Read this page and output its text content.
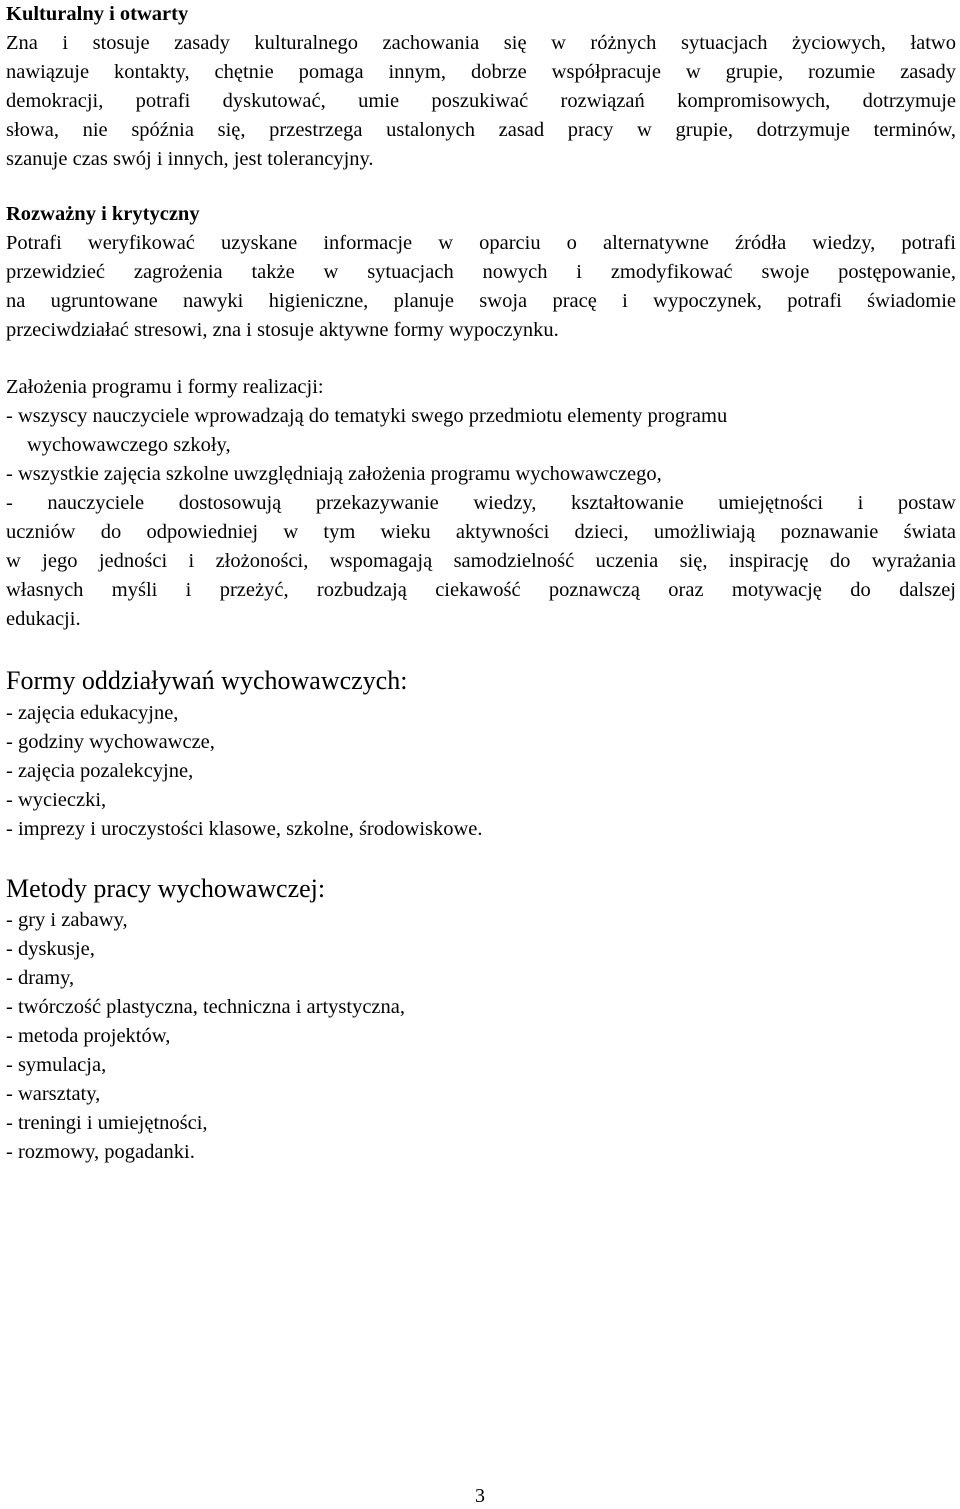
Kulturalny i otwarty
Zna i stosuje zasady kulturalnego zachowania się w różnych sytuacjach życiowych, łatwo
nawiązuje kontakty, chętnie pomaga innym, dobrze współpracuje w grupie, rozumie zasady
demokracji, potrafi dyskutować, umie poszukiwać rozwiązań kompromisowych, dotrzymuje
słowa, nie spóźnia się, przestrzega ustalonych zasad pracy w grupie, dotrzymuje terminów,
szanuje czas swój i innych, jest tolerancyjny.
Rozważny i krytyczny
Potrafi weryfikować uzyskane informacje w oparciu o alternatywne źródła wiedzy, potrafi
przewidzieć zagrożenia także w sytuacjach nowych i zmodyfikować swoje postępowanie,
na ugruntowane nawyki higieniczne, planuje swoja pracę i wypoczynek, potrafi świadomie
przeciwdziałać stresowi, zna i stosuje aktywne formy wypoczynku.
Założenia programu i formy realizacji:
- wszyscy nauczyciele wprowadzają do tematyki swego przedmiotu elementy programu
wychowawczego szkoły,
- wszystkie zajęcia szkolne uwzględniają założenia programu wychowawczego,
- nauczyciele dostosowują przekazywanie wiedzy, kształtowanie umiejętności i postaw
uczniów do odpowiedniej w tym wieku aktywności dzieci, umożliwiają poznawanie świata
w jego jedności i złożoności, wspomagają samodzielność uczenia się, inspirację do wyrażania
własnych myśli i przeżyć, rozbudzają ciekawość poznawczą oraz motywację do dalszej
edukacji.
Formy oddziaływań wychowawczych:
- zajęcia edukacyjne,
- godziny wychowawcze,
- zajęcia pozalekcyjne,
- wycieczki,
- imprezy i uroczystości klasowe, szkolne, środowiskowe.
Metody pracy wychowawczej:
- gry i zabawy,
- dyskusje,
- dramy,
- twórczość plastyczna, techniczna i artystyczna,
- metoda projektów,
- symulacja,
- warsztaty,
- treningi i umiejętności,
- rozmowy, pogadanki.
3
